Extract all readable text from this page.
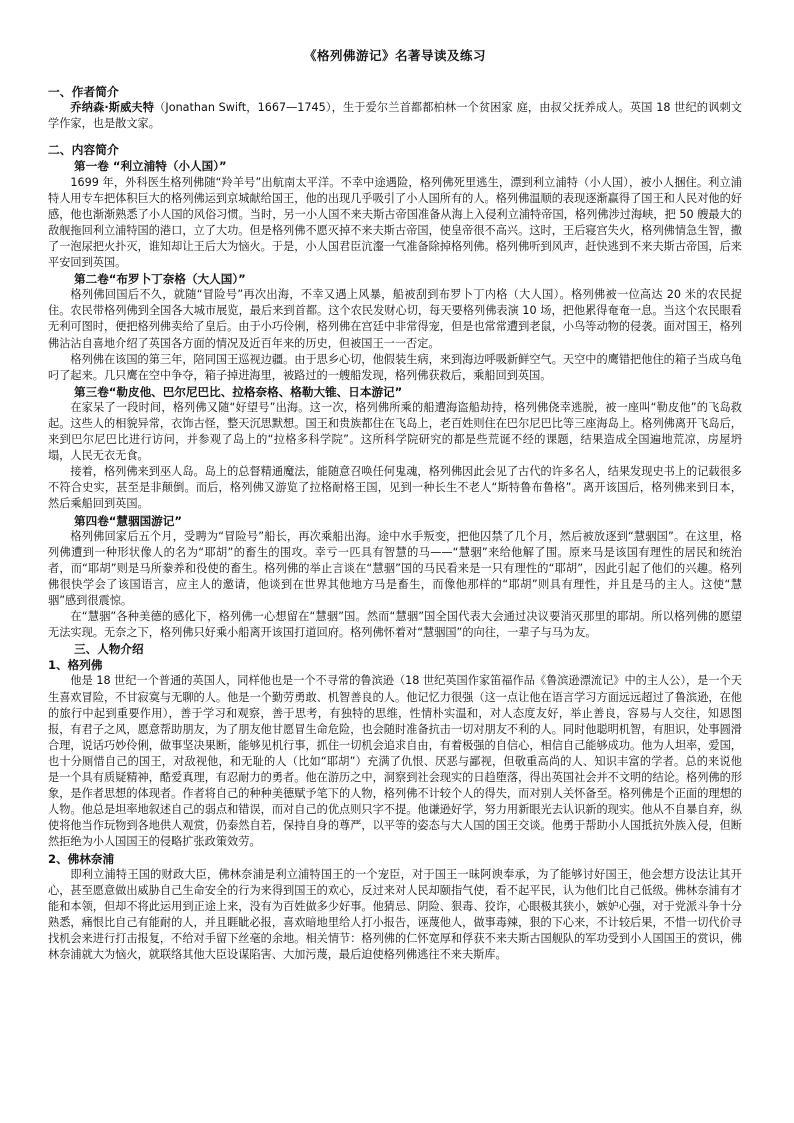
《格列佛游记》名著导读及练习
一、作者简介

乔纳森·斯威夫特（Jonathan Swift，1667—1745），生于爱尔兰首都都柏林一个贫困家 庭，由叔父抚养成人。英国 18 世纪的讽刺文学作家，也是散文家。

二、内容简介
第一卷 “利立浦特（小人国）”

1699 年，外科医生格列佛随“羚羊号”出航南太平洋。不幸中途遇险，格列佛死里逃生，漂到利立浦特（小人国），被小人捆住。利立浦特人用专车把体积巨大的格列佛运到京城献给国王，他的出现几乎吸引了小人国所有的人。格列佛温顺的表现逐渐赢得了国王和人民对他的好感，他也渐渐熟悉了小人国的风俗习惯。当时，另一小人国不来夫斯古帝国准备从海上入侵利立浦特帝国，格列佛涉过海峡，把 50 艘最大的敌舰拖回利立浦特国的港口，立了大功。但是格列佛不愿灭掉不来夫斯古帝国，使皇帝很不高兴。这时，王后寝宫失火，格列佛情急生智，撒了一泡尿把火扑灭，谁知却让王后大为恼火。于是，小人国君臣沆瀣一气准备除掉格列佛。格列佛听到风声，赶快逃到不来夫斯古帝国，后来平安回到英国。

第二卷“布罗卜丁奈格（大人国）”

格列佛回国后不久，就随“冒险号”再次出海，不幸又遇上风暴，船被刮到布罗卜丁内格（大人国）。格列佛被一位高达 20 米的农民捉住。农民带格列佛到全国各大城市展览，最后来到首都。这个农民发财心切，每天要格列佛表演 10 场，把他累得奄奄一息。当这个农民眼看无利可图时，便把格列佛卖给了皇后。由于小巧伶俐，格列佛在宫廷中非常得宠，但是也常常遭到老鼠，小鸟等动物的侵袭。面对国王，格列佛沾沾自喜地介绍了英国各方面的情况及近百年来的历史，但被国王一一否定。

格列佛在该国的第三年，陪同国王巡视边疆。由于思乡心切，他假装生病，来到海边呼吸新鲜空气。天空中的鹰错把他住的箱子当成乌龟叼了起来。几只鹰在空中争夺，箱子掉进海里，被路过的一艘船发现，格列佛获救后，乘船回到英国。

第三卷“勒皮他、巴尔尼巴比、拉格奈格、格勒大锥、日本游记”

在家呆了一段时间，格列佛又随“好望号”出海。这一次，格列佛所乘的船遭海盗船劫持，格列佛侥幸逃脱，被一座叫“勒皮他”的飞岛救起。这些人的相貌异常，衣饰古怪，整天沉思默想。国王和贵族都住在飞岛上，老百姓则住在巴尔尼巴比等三座海岛上。格列佛离开飞岛后，来到巴尔尼巴比进行访问，并参观了岛上的“拉格多科学院”。这所科学院研究的都是些荒诞不经的课题，结果造成全国遍地荒凉，房屋坍塌，人民无衣无食。

接着，格列佛来到巫人岛。岛上的总督精通魔法，能随意召唤任何鬼魂，格列佛因此会见了古代的许多名人，结果发现史书上的记载很多不符合史实，甚至是非颠倒。而后，格列佛又游览了拉格耐格王国，见到一种长生不老人“斯特鲁布鲁格”。离开该国后，格列佛来到日本，然后乘船回到英国。

第四卷“慧骃国游记”

格列佛回家后五个月，受聘为“冒险号”船长，再次乘船出海。途中水手叛变，把他囚禁了几个月，然后被放逐到“慧骃国”。在这里，格列佛遭到一种形状像人的名为“耶胡”的畜生的围攻。幸亏一匹具有智慧的马——“慧骃”来给他解了围。原来马是该国有理性的居民和统治者，而“耶胡”则是马所豢养和役使的畜生。格列佛的举止言谈在“慧骃”国的马民看来是一只有理性的“耶胡”，因此引起了他们的兴趣。格列佛很快学会了该国语言，应主人的邀请，他谈到在世界其他地方马是畜生，而像他那样的“耶胡”则具有理性，并且是马的主人。这使“慧骃”感到很震惊。

在“慧骃”各种美德的感化下，格列佛一心想留在“慧骃”国。然而“慧骃”国全国代表大会通过决议要消灭那里的耶胡。所以格列佛的愿望无法实现。无奈之下，格列佛只好乘小船离开该国打道回府。格列佛怀着对“慧骃国”的向往，一辈子与马为友。

三、人物介绍
1、格列佛

他是 18 世纪一个普通的英国人，同样他也是一个不寻常的鲁滨逊（18 世纪英国作家笛福作品《鲁滨逊漂流记》中的主人公），是一个天生喜欢冒险，不甘寂寞与无聊的人。他是一个勤劳勇敢、机智善良的人。他记忆力很强（这一点让他在语言学习方面远远超过了鲁滨逊，在他的旅行中起到重要作用），善于学习和观察，善于思考，有独特的思维，性情朴实温和，对人态度友好，举止善良，容易与人交往，知恩图报，有君子之风，愿意帮助朋友，为了朋友他甘愿冒生命危险，也会随时准备抗击一切对朋友不利的人。同时他聪明机智，有胆识，处事圆滑合理，说话巧妙伶俐，做事坚决果断，能够见机行事，抓住一切机会追求自由，有着极强的自信心，相信自己能够成功。他为人坦率，爱国，也十分厕惜自己的国王，对敌视他，和无耻的人（比如“耶胡”）充满了仇恨、厌恶与鄙视，但敬重高尚的人、知识丰富的学者。总的来说他是一个具有质疑精神，酷爱真理，有忍耐力的勇者。他在游历之中，洞察到社会现实的日趋堕落，得出英国社会并不文明的结论。格列佛的形象，是作者思想的体现者。作者将自己的种种美德赋予笔下的人物，格列佛不计较个人的得失，而对别人关怀备至。格列佛是个正面的理想的人物。他总是坦率地叙述自己的弱点和错误，而对自己的优点则只字不提。他谦逊好学，努力用新眼光去认识新的现实。他从不自暴自弃，纵使将他当作玩物到各地供人观赏，仍泰然自若，保持自身的尊严，以平等的姿态与大人国的国王交谈。他勇于帮助小人国抵抗外族入侵，但断然拒绝为小人国国王的侵略扩张政策效劳。

2、佛林奈浦

即利立浦特王国的财政大臣，佛林奈浦是利立浦特国王的一个宠臣，对于国王一昧阿谀奉承，为了能够讨好国王，他会想方设法让其开心，甚至愿意做出威胁自己生命安全的行为来得到国王的欢心，反过来对人民却颐指气使，看不起平民，认为他们比自己低级。佛林奈浦有才能和本领，但却不将此运用到正途上来，没有为百姓做多少好事。他猜忌、阴险、狠毒、狡诈，心眼极其狭小，嫉妒心强，对于党派斗争十分熟悉，痛恨比自己有能耐的人，并且睚眦必报，喜欢暗地里给人打小报告，诬蔑他人，做事毒辣，狠的下心来，不计较后果，不惜一切代价寻找机会来进行打击报复，不给对手留下丝毫的余地。相关情节：格列佛的仁怀宽厚和俘获不来夫斯古国舰队的军功受到小人国国王的赏识，佛林奈浦就大为恼火，就联络其他大臣设谋陷害、大加污蔑，最后迫使格列佛逃往不来夫斯库。
